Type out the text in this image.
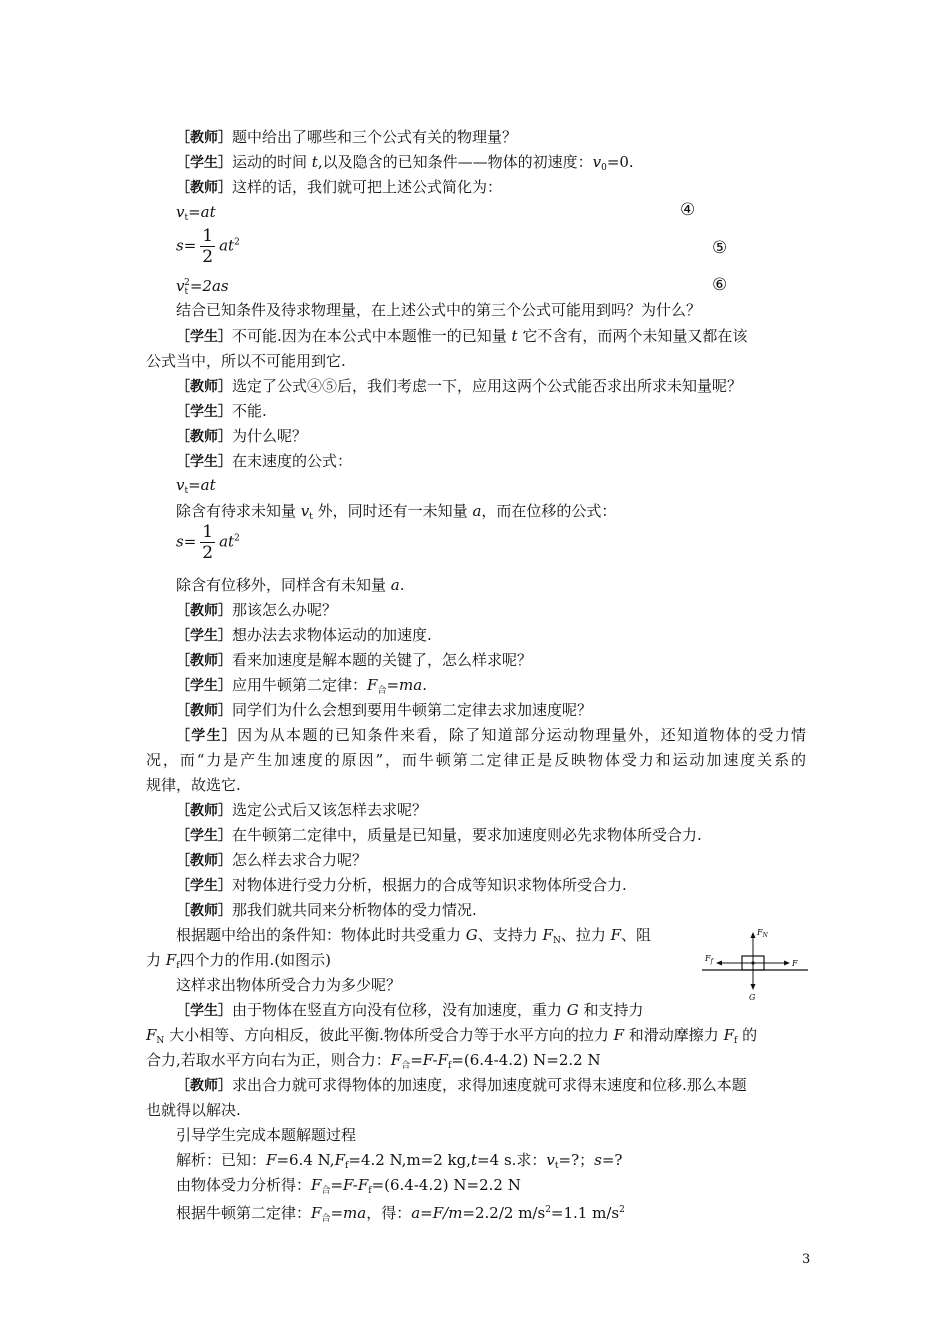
［教师］题中给出了哪些和三个公式有关的物理量？
［学生］运动的时间 t,以及隐含的已知条件——物体的初速度：$v_0=0$.
［教师］这样的话，我们就可把上述公式简化为：
$v_t=at$	④
$s= \frac{1}{2} at^2$	⑤
$v_t^2=2as$	⑥
结合已知条件及待求物理量，在上述公式中的第三个公式可能用到吗？为什么？
［学生］不可能.因为在本公式中本题惟一的已知量 t 它不含有，而两个未知量又都在该
公式当中，所以不可能用到它.
［教师］选定了公式④⑤后，我们考虑一下，应用这两个公式能否求出所求未知量呢？
［学生］不能.
［教师］为什么呢？
［学生］在末速度的公式：
$v_t=at$
除含有待求未知量 $v_t$ 外，同时还有一未知量 a，而在位移的公式：
$s= \frac{1}{2} at^2$
除含有位移外，同样含有未知量 a.
［教师］那该怎么办呢？
［学生］想办法去求物体运动的加速度.
［教师］看来加速度是解本题的关键了，怎么样求呢？
［学生］应用牛顿第二定律：$F_合=ma$.
［教师］同学们为什么会想到要用牛顿第二定律去求加速度呢？
［学生］因为从本题的已知条件来看，除了知道部分运动物理量外，还知道物体的受力情
况，而“力是产生加速度的原因”，而牛顿第二定律正是反映物体受力和运动加速度关系的
规律，故选它.
［教师］选定公式后又该怎样去求呢？
［学生］在牛顿第二定律中，质量是已知量，要求加速度则必先求物体所受合力.
［教师］怎么样去求合力呢？
［学生］对物体进行受力分析，根据力的合成等知识求物体所受合力.
［教师］那我们就共同来分析物体的受力情况.
根据题中给出的条件知：物体此时共受重力 G、支持力 $F_N$、拉力 F、阻
力 $F_f$四个力的作用.(如图示)
这样求出物体所受合力为多少呢？
［学生］由于物体在竖直方向没有位移，没有加速度，重力 G 和支持力
$F_N$ 大小相等、方向相反，彼此平衡.物体所受合力等于水平方向的拉力 F 和滑动摩擦力 $F_f$ 的
合力,若取水平方向右为正，则合力：$F_合=F-F_f=(6.4-4.2)$ N=2.2 N
［教师］求出合力就可求得物体的加速度，求得加速度就可求得末速度和位移.那么本题
也就得以解决.
引导学生完成本题解题过程
解析：已知：F=6.4 $N,F_f=4.2$ N,m=2 kg,t=4 s.求：$v_t=$?；s=?
由物体受力分析得：$F_合=F-F_f=(6.4-4.2)$ N=2.2 N
根据牛顿第二定律：$F_合=ma$，得：a=F/m=2.2/2 $m/s^2=1.1$ $m/s^2$
$F_N$
$F_f$	F
G
3
